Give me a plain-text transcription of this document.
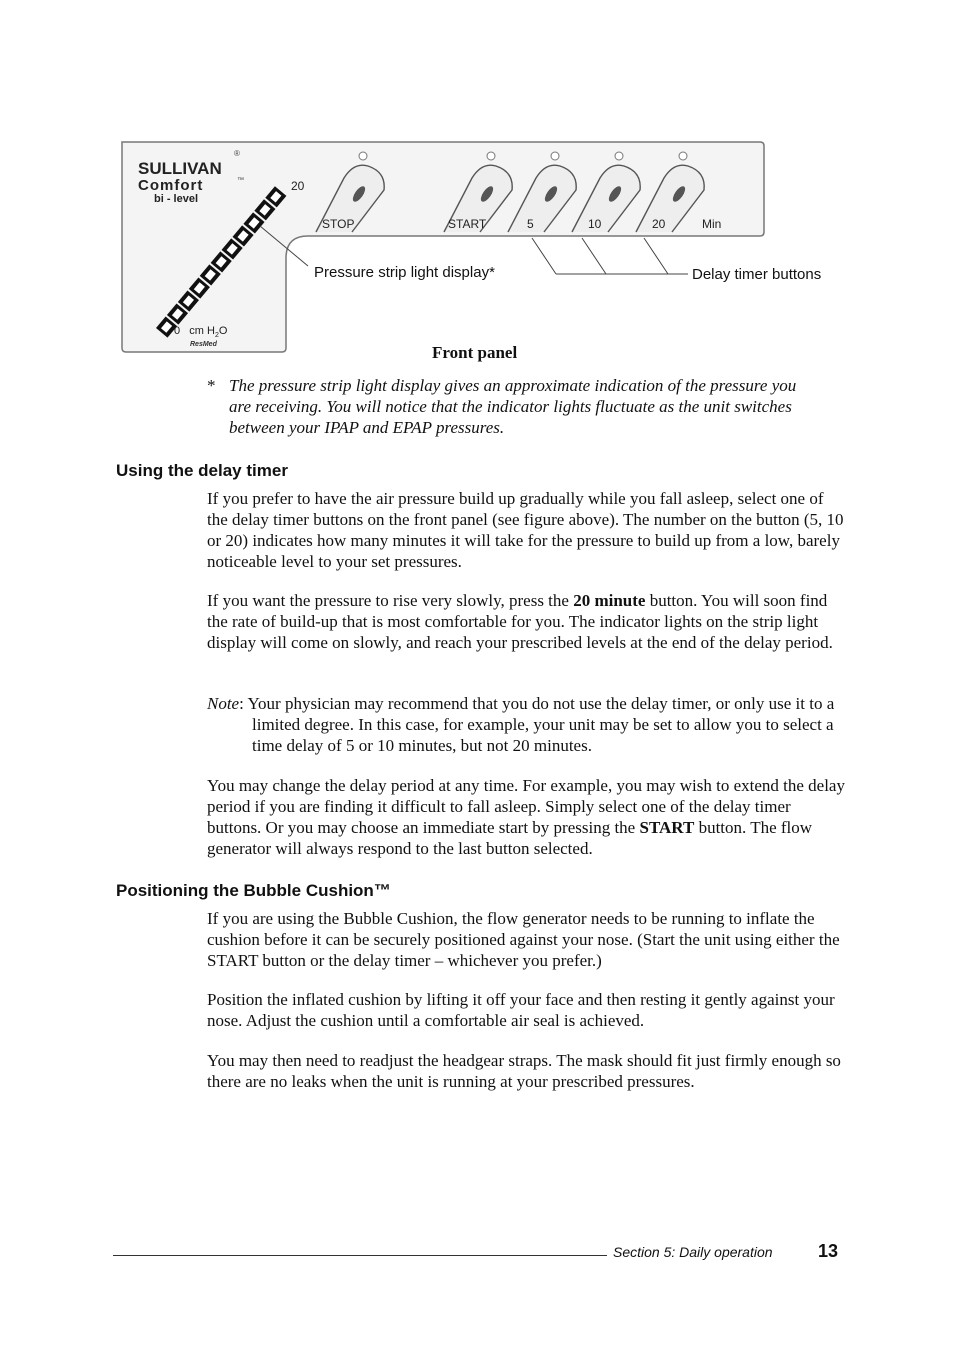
SULLIVAN
®
Comfort	™
bi - level
20
0   cm $H_2O$
ResMed
STOP	START	5	10	20	Min
Pressure strip light display*	Delay timer buttons
Front panel
* The pressure strip light display gives an approximate indication of the pressure you are receiving. You will notice that the indicator lights fluctuate as the unit switches between your IPAP and EPAP pressures.
Using the delay timer

If you prefer to have the air pressure build up gradually while you fall asleep, select one of the delay timer buttons on the front panel (see figure above). The number on the button (5, 10 or 20) indicates how many minutes it will take for the pressure to build up from a low, barely noticeable level to your set pressures.

If you want the pressure to rise very slowly, press the 20 minute button. You will soon find the rate of build-up that is most comfortable for you. The indicator lights on the strip light display will come on slowly, and reach your prescribed levels at the end of the delay period.

Note: Your physician may recommend that you do not use the delay timer, or only use it to a limited degree. In this case, for example, your unit may be set to allow you to select a time delay of 5 or 10 minutes, but not 20 minutes.

You may change the delay period at any time. For example, you may wish to extend the delay period if you are finding it difficult to fall asleep. Simply select one of the delay timer buttons. Or you may choose an immediate start by pressing the START button. The flow generator will always respond to the last button selected.

Positioning the Bubble Cushion™

If you are using the Bubble Cushion, the flow generator needs to be running to inflate the cushion before it can be securely positioned against your nose. (Start the unit using either the START button or the delay timer – whichever you prefer.)

Position the inflated cushion by lifting it off your face and then resting it gently against your nose. Adjust the cushion until a comfortable air seal is achieved.

You may then need to readjust the headgear straps. The mask should fit just firmly enough so there are no leaks when the unit is running at your prescribed pressures.

Section 5: Daily operation	13
